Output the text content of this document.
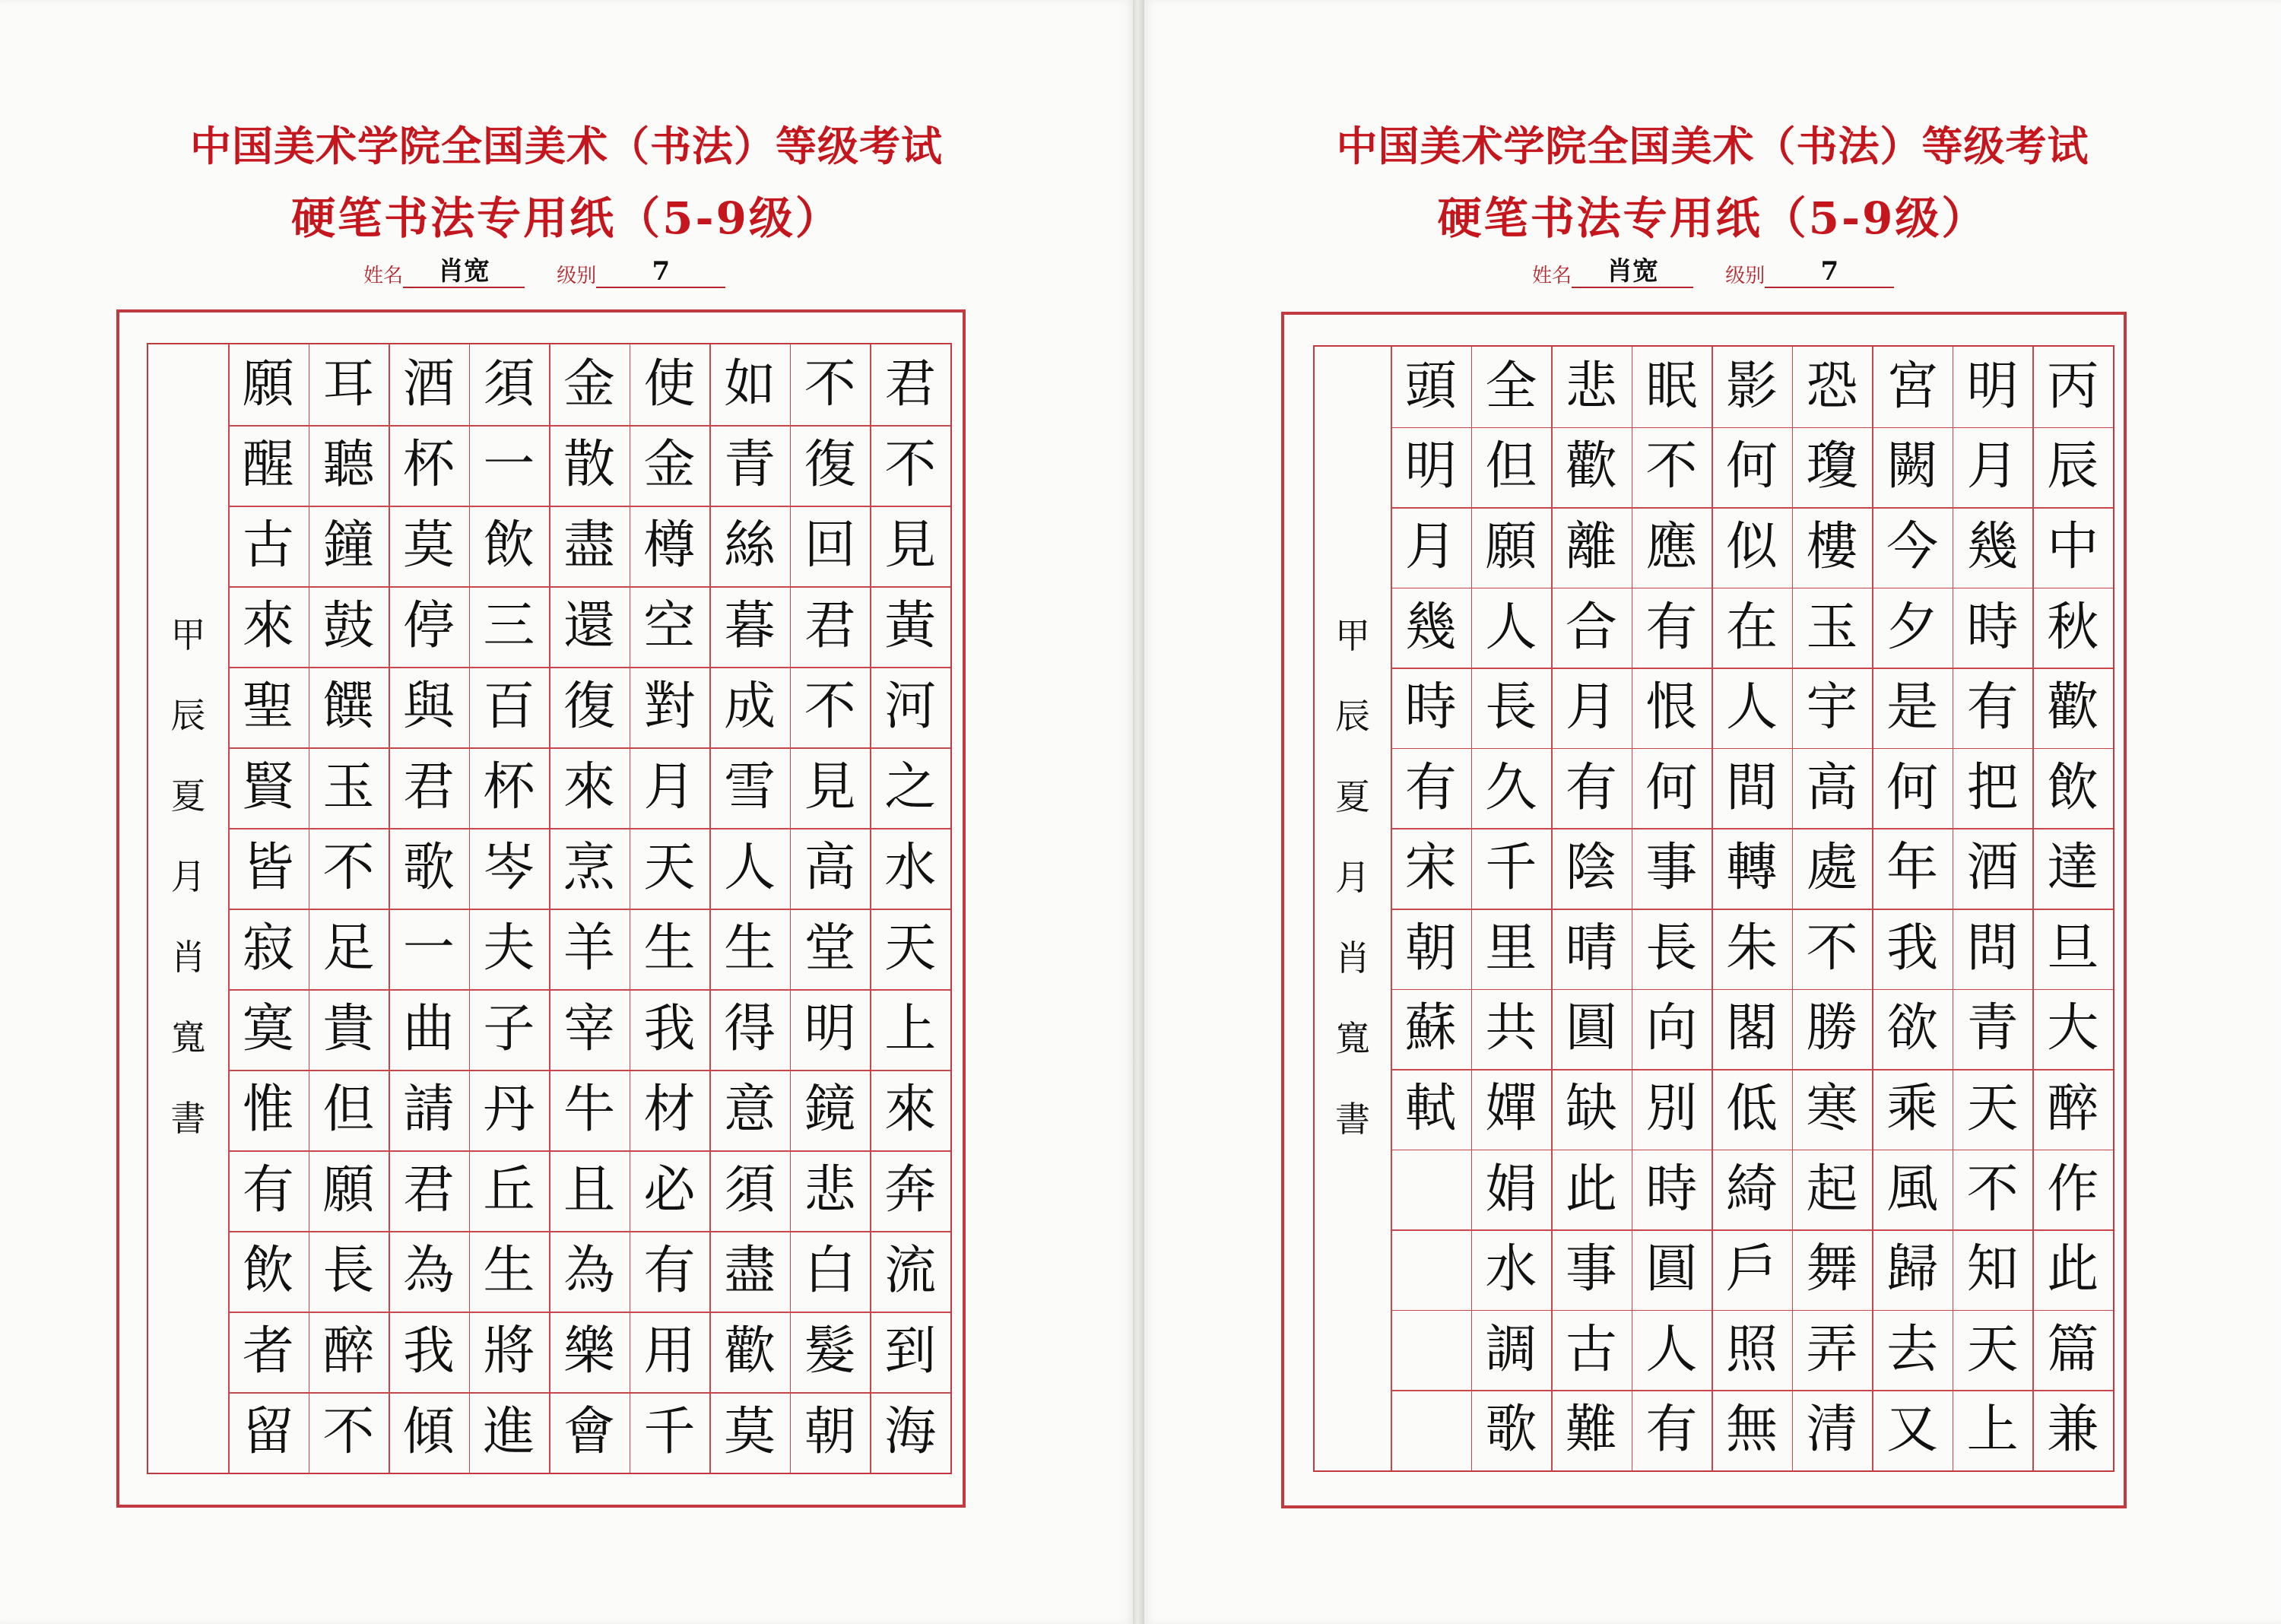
中国美术学院全国美术（书法）等级考试
硬笔书法专用纸（5-9级）
姓名 肖宽	级别 7
君
不
見
黃
河
之
水
天
上
來
奔
流
到
海
不
復
回
君
不
見
高
堂
明
鏡
悲
白
髮
朝
如
青
絲
暮
成
雪
人
生
得
意
須
盡
歡
莫
使
金
樽
空
對
月
天
生
我
材
必
有
用
千
金
散
盡
還
復
來
烹
羊
宰
牛
且
為
樂
會
須
一
飲
三
百
杯
岑
夫
子
丹
丘
生
將
進
酒
杯
莫
停
與
君
歌
一
曲
請
君
為
我
傾
耳
聽
鐘
鼓
饌
玉
不
足
貴
但
願
長
醉
不
願
醒
古
來
聖
賢
皆
寂
寞
惟
有
飲
者
留
甲
辰
夏
月
肖
寬
書
中国美术学院全国美术（书法）等级考试
硬笔书法专用纸（5-9级）
姓名 肖宽	级别 7
丙
辰
中
秋
歡
飲
達
旦
大
醉
作
此
篇
兼
明
月
幾
時
有
把
酒
問
青
天
不
知
天
上
宮
闕
今
夕
是
何
年
我
欲
乘
風
歸
去
又
恐
瓊
樓
玉
宇
高
處
不
勝
寒
起
舞
弄
清
影
何
似
在
人
間
轉
朱
閣
低
綺
戶
照
無
眠
不
應
有
恨
何
事
長
向
別
時
圓
人
有
悲
歡
離
合
月
有
陰
晴
圓
缺
此
事
古
難
全
但
願
人
長
久
千
里
共
嬋
娟
水
調
歌
頭
明
月
幾
時
有
宋
朝
蘇
軾
甲
辰
夏
月
肖
寬
書
